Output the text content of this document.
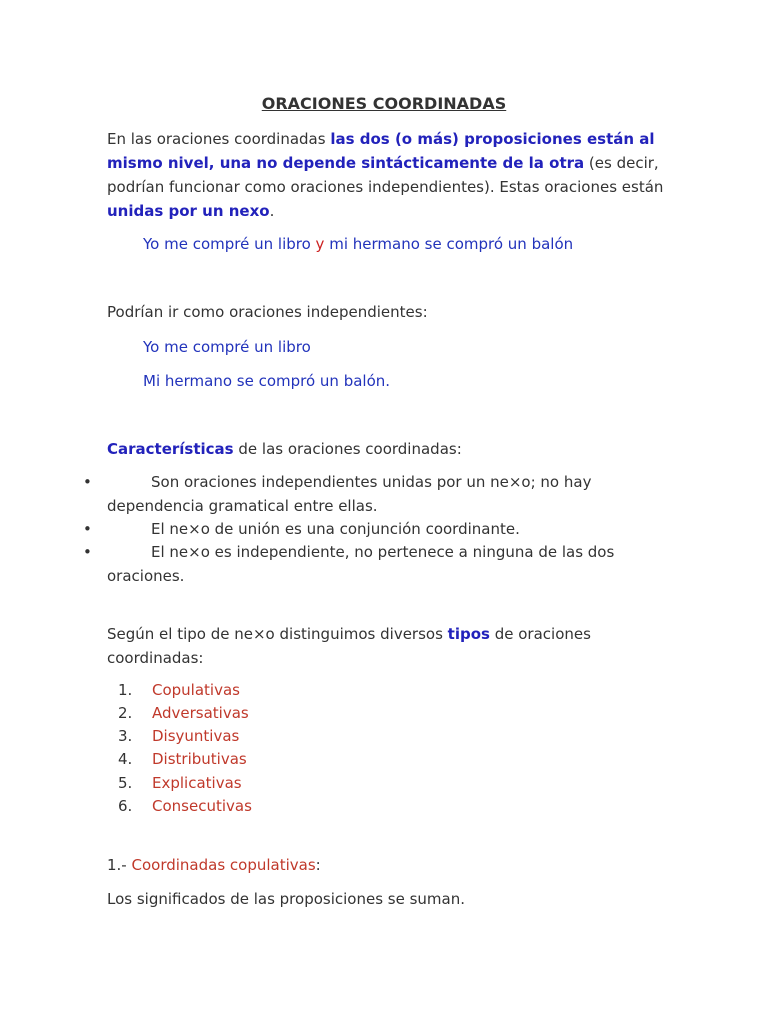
ORACIONES COORDINADAS
En las oraciones coordinadas las dos (o más) proposiciones están al mismo nivel, una no depende sintácticamente de la otra (es decir, podrían funcionar como oraciones independientes). Estas oraciones están unidas por un nexo.
Yo me compré un libro y mi hermano se compró un balón
Podrían ir como oraciones independientes:
Yo me compré un libro
Mi hermano se compró un balón.
Características de las oraciones coordinadas:
•	Son oraciones independientes unidas por un ne×o; no hay dependencia gramatical entre ellas.
•	El ne×o de unión es una conjunción coordinante.
•	El ne×o es independiente, no pertenece a ninguna de las dos oraciones.
Según el tipo de ne×o distinguimos diversos tipos de oraciones coordinadas:
1. Copulativas
2. Adversativas
3. Disyuntivas
4. Distributivas
5. Explicativas
6. Consecutivas
1.- Coordinadas copulativas:
Los significados de las proposiciones se suman.
